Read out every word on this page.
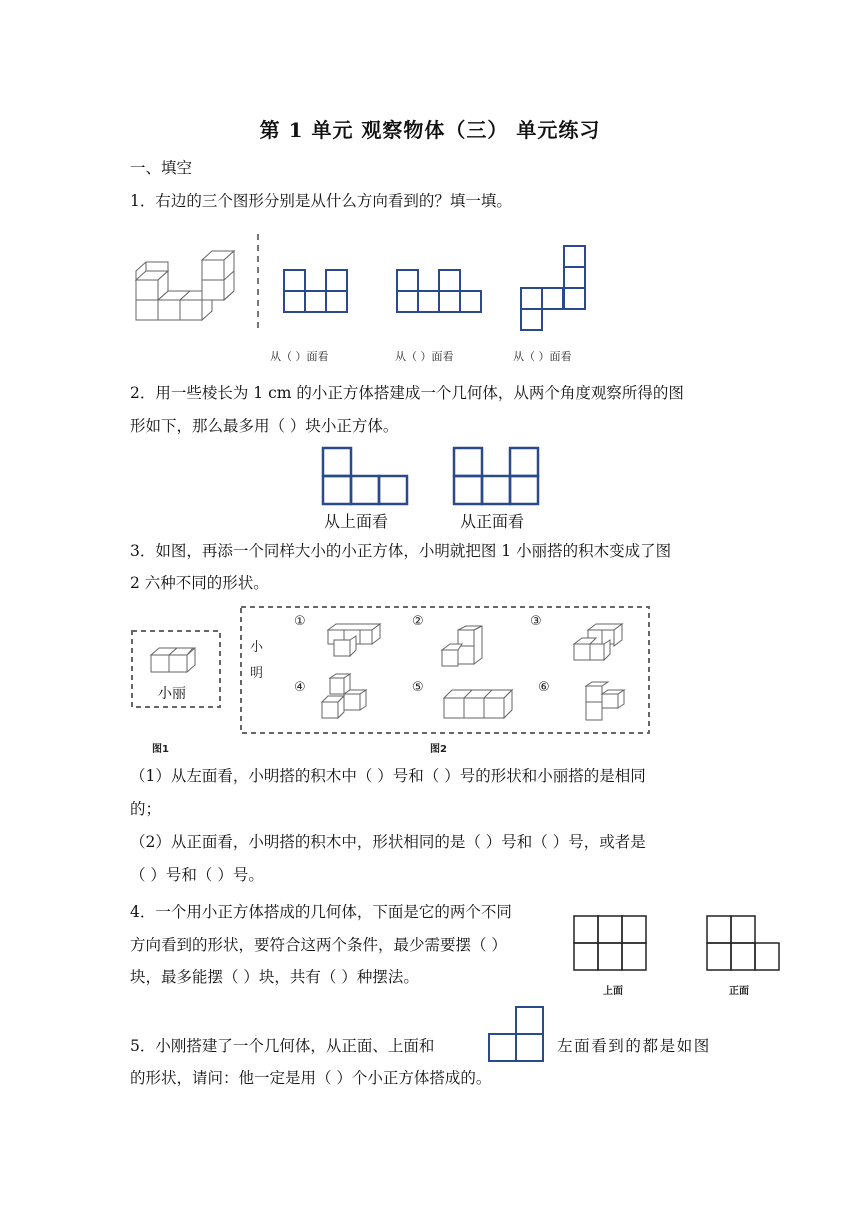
第 1 单元 观察物体（三） 单元练习
一、填空
1．右边的三个图形分别是从什么方向看到的？填一填。
从（ ）面看	从（ ）面看	从（ ）面看
2．用一些棱长为 1 cm 的小正方体搭建成一个几何体，从两个角度观察所得的图
形如下，那么最多用（ ）块小正方体。
从上面看	从正面看
3．如图，再添一个同样大小的小正方体，小明就把图 1 小丽搭的积木变成了图
2 六种不同的形状。
小丽
图1
小
明
①	②	③
④	⑤	⑥
图2
（1）从左面看，小明搭的积木中（ ）号和（ ）号的形状和小丽搭的是相同
的；
（2）从正面看，小明搭的积木中，形状相同的是（ ）号和（ ）号，或者是
（ ）号和（ ）号。
4．一个用小正方体搭成的几何体，下面是它的两个不同
方向看到的形状，要符合这两个条件，最少需要摆（ ）
块，最多能摆（ ）块，共有（ ）种摆法。
上面	正面
5．小刚搭建了一个几何体，从正面、上面和	左面看到的都是如图
的形状，请问：他一定是用（ ）个小正方体搭成的。
